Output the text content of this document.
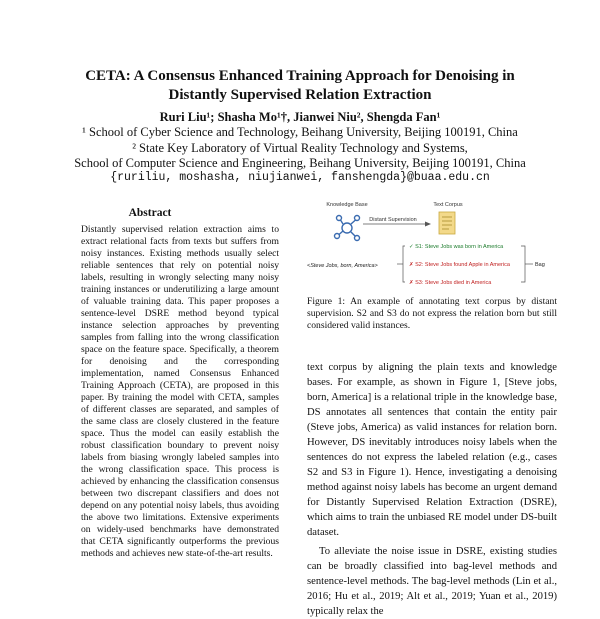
CETA: A Consensus Enhanced Training Approach for Denoising in
Distantly Supervised Relation Extraction
Ruri Liu¹; Shasha Mo¹†, Jianwei Niu², Shengda Fan¹
¹ School of Cyber Science and Technology, Beihang University, Beijing 100191, China
² State Key Laboratory of Virtual Reality Technology and Systems,
School of Computer Science and Engineering, Beihang University, Beijing 100191, China
{ruriliu, moshasha, niujianwei, fanshengda}@buaa.edu.cn
Abstract
Distantly supervised relation extraction aims to extract relational facts from texts but suffers from noisy instances. Existing methods usually select reliable sentences that rely on potential noisy labels, resulting in wrongly selecting many noisy training instances or underutilizing a large amount of valuable training data. This paper proposes a sentence-level DSRE method beyond typical instance selection approaches by preventing samples from falling into the wrong classification space on the feature space. Specifically, a theorem for denoising and the corresponding implementation, named Consensus Enhanced Training Approach (CETA), are proposed in this paper. By training the model with CETA, samples of different classes are separated, and samples of the same class are closely clustered in the feature space. Thus the model can easily establish the robust classification boundary to prevent noisy labels from biasing wrongly labeled samples into the wrong classification space. This process is achieved by enhancing the classification consensus between two discrepant classifiers and does not depend on any potential noisy labels, thus avoiding the above two limitations. Extensive experiments on widely-used benchmarks have demonstrated that CETA significantly outperforms the previous methods and achieves new state-of-the-art results.
Knowledge Base
Distant Supervision
Text Corpus
<Steve Jobs, born, America>
✓ S1: Steve Jobs was born in America
✗ S2: Steve Jobs found Apple in America
✗ S3: Steve Jobs died in America
Bag
Figure 1: An example of annotating text corpus by distant supervision. S2 and S3 do not express the relation born but still considered valid instances.

text corpus by aligning the plain texts and knowledge bases. For example, as shown in Figure 1, [Steve jobs, born, America] is a relational triple in the knowledge base, DS annotates all sentences that contain the entity pair (Steve jobs, America) as valid instances for relation born. However, DS inevitably introduces noisy labels when the sentences do not express the labeled relation (e.g., cases S2 and S3 in Figure 1). Hence, investigating a denoising method against noisy labels has become an urgent demand for Distantly Supervised Relation Extraction (DSRE), which aims to train the unbiased RE model under DS-built dataset.

To alleviate the noise issue in DSRE, existing studies can be broadly classified into bag-level methods and sentence-level methods. The bag-level methods (Lin et al., 2016; Hu et al., 2019; Alt et al., 2019; Yuan et al., 2019) typically relax the
